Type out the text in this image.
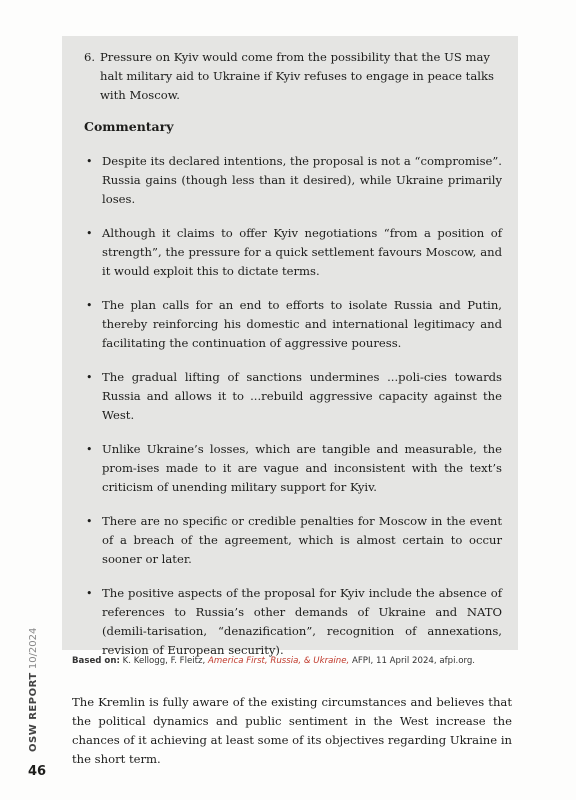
6. Pressure on Kyiv would come from the possibility that the US may halt military aid to Ukraine if Kyiv refuses to engage in peace talks with Moscow.
Commentary
• Despite its declared intentions, the proposal is not a “compromise”. Russia gains (though less than it desired), while Ukraine primarily loses.
• Although it claims to offer Kyiv negotiations “from a position of strength”, the pressure for a quick settlement favours Moscow, and it would exploit this to dictate terms.
• The plan calls for an end to efforts to isolate Russia and Putin, thereby reinforcing his domestic and international legitimacy and facilitating the continuation of aggressive pouress.
• The gradual lifting of sanctions undermines ...poli-cies towards Russia and allows it to ...rebuild aggressive capacity against the West.
• Unlike Ukraine’s losses, which are tangible and measurable, the prom-ises made to it are vague and inconsistent with the text’s criticism of unending military support for Kyiv.
• There are no specific or credible penalties for Moscow in the event of a breach of the agreement, which is almost certain to occur sooner or later.
• The positive aspects of the proposal for Kyiv include the absence of references to Russia’s other demands of Ukraine and NATO (demili-tarisation, “denazification”, recognition of annexations, revision of European security).
Based on: K. Kellogg, F. Fleitz, America First, Russia, & Ukraine, AFPI, 11 April 2024, afpi.org.
The Kremlin is fully aware of the existing circumstances and believes that the political dynamics and public sentiment in the West increase the chances of it achieving at least some of its objectives regarding Ukraine in the short term.
OSW REPORT 10/2024
46
